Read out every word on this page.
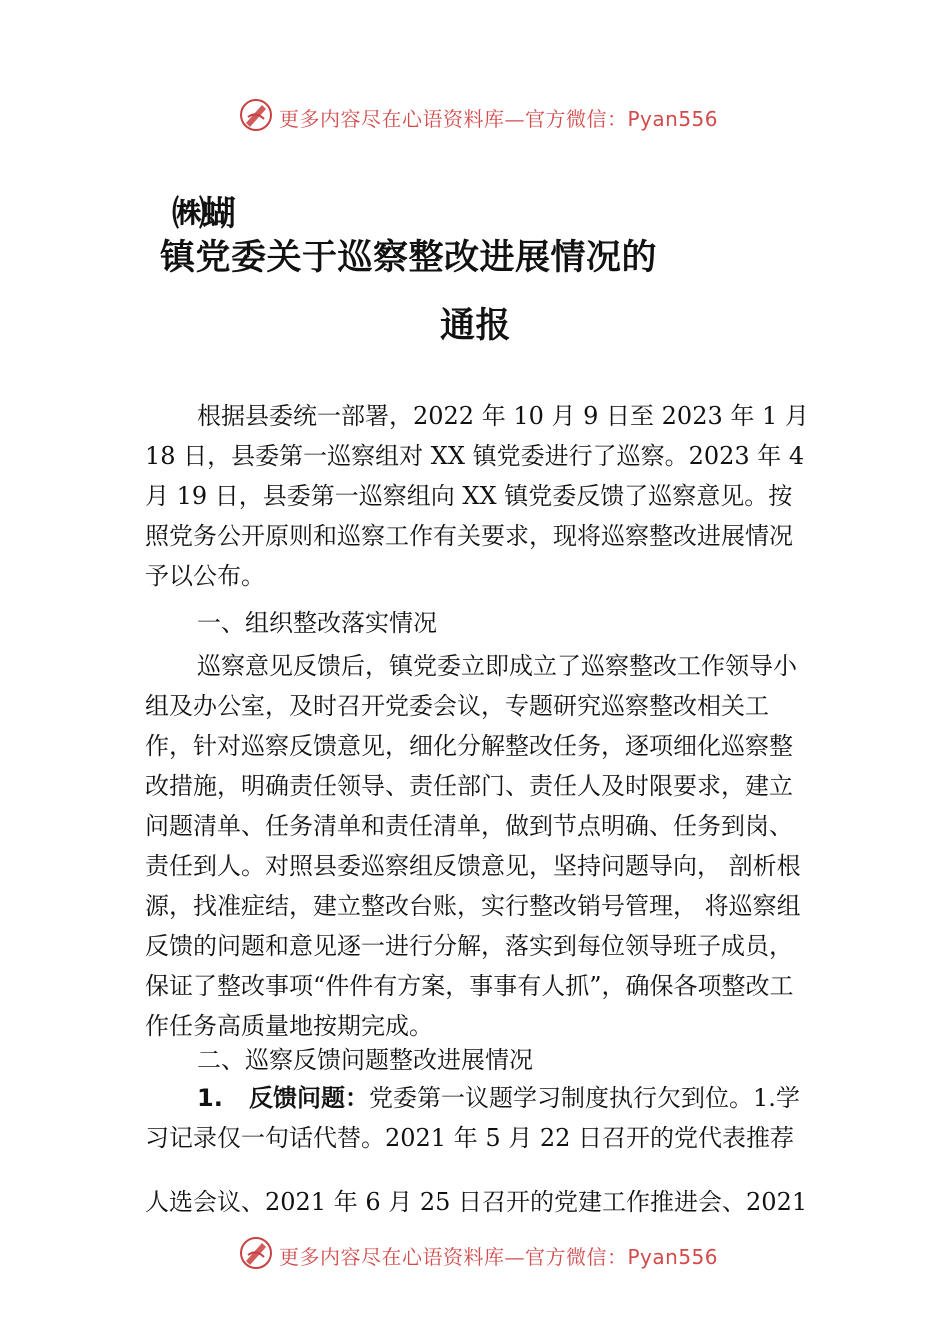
更多内容尽在心语资料库—官方微信：Pyan556
㈱蝴
镇党委关于巡察整改进展情况的
通报
根据县委统一部署，2022 年 10 月 9 日至 2023 年 1 月 18 日，县委第一巡察组对 XX 镇党委进行了巡察。2023 年 4 月 19 日，县委第一巡察组向 XX 镇党委反馈了巡察意见。按照党务公开原则和巡察工作有关要求，现将巡察整改进展情况予以公布。
一、组织整改落实情况
巡察意见反馈后，镇党委立即成立了巡察整改工作领导小组及办公室，及时召开党委会议，专题研究巡察整改相关工作，针对巡察反馈意见，细化分解整改任务，逐项细化巡察整改措施，明确责任领导、责任部门、责任人及时限要求，建立问题清单、任务清单和责任清单，做到节点明确、任务到岗、责任到人。对照县委巡察组反馈意见，坚持问题导向， 剖析根源，找准症结，建立整改台账，实行整改销号管理， 将巡察组反馈的问题和意见逐一进行分解，落实到每位领导班子成员，保证了整改事项“件件有方案，事事有人抓”，确保各项整改工作任务高质量地按期完成。
二、巡察反馈问题整改进展情况
1. 反馈问题：党委第一议题学习制度执行欠到位。1.学习记录仅一句话代替。2021 年 5 月 22 日召开的党代表推荐
人选会议、2021 年 6 月 25 日召开的党建工作推进会、2021
更多内容尽在心语资料库—官方微信：Pyan556
